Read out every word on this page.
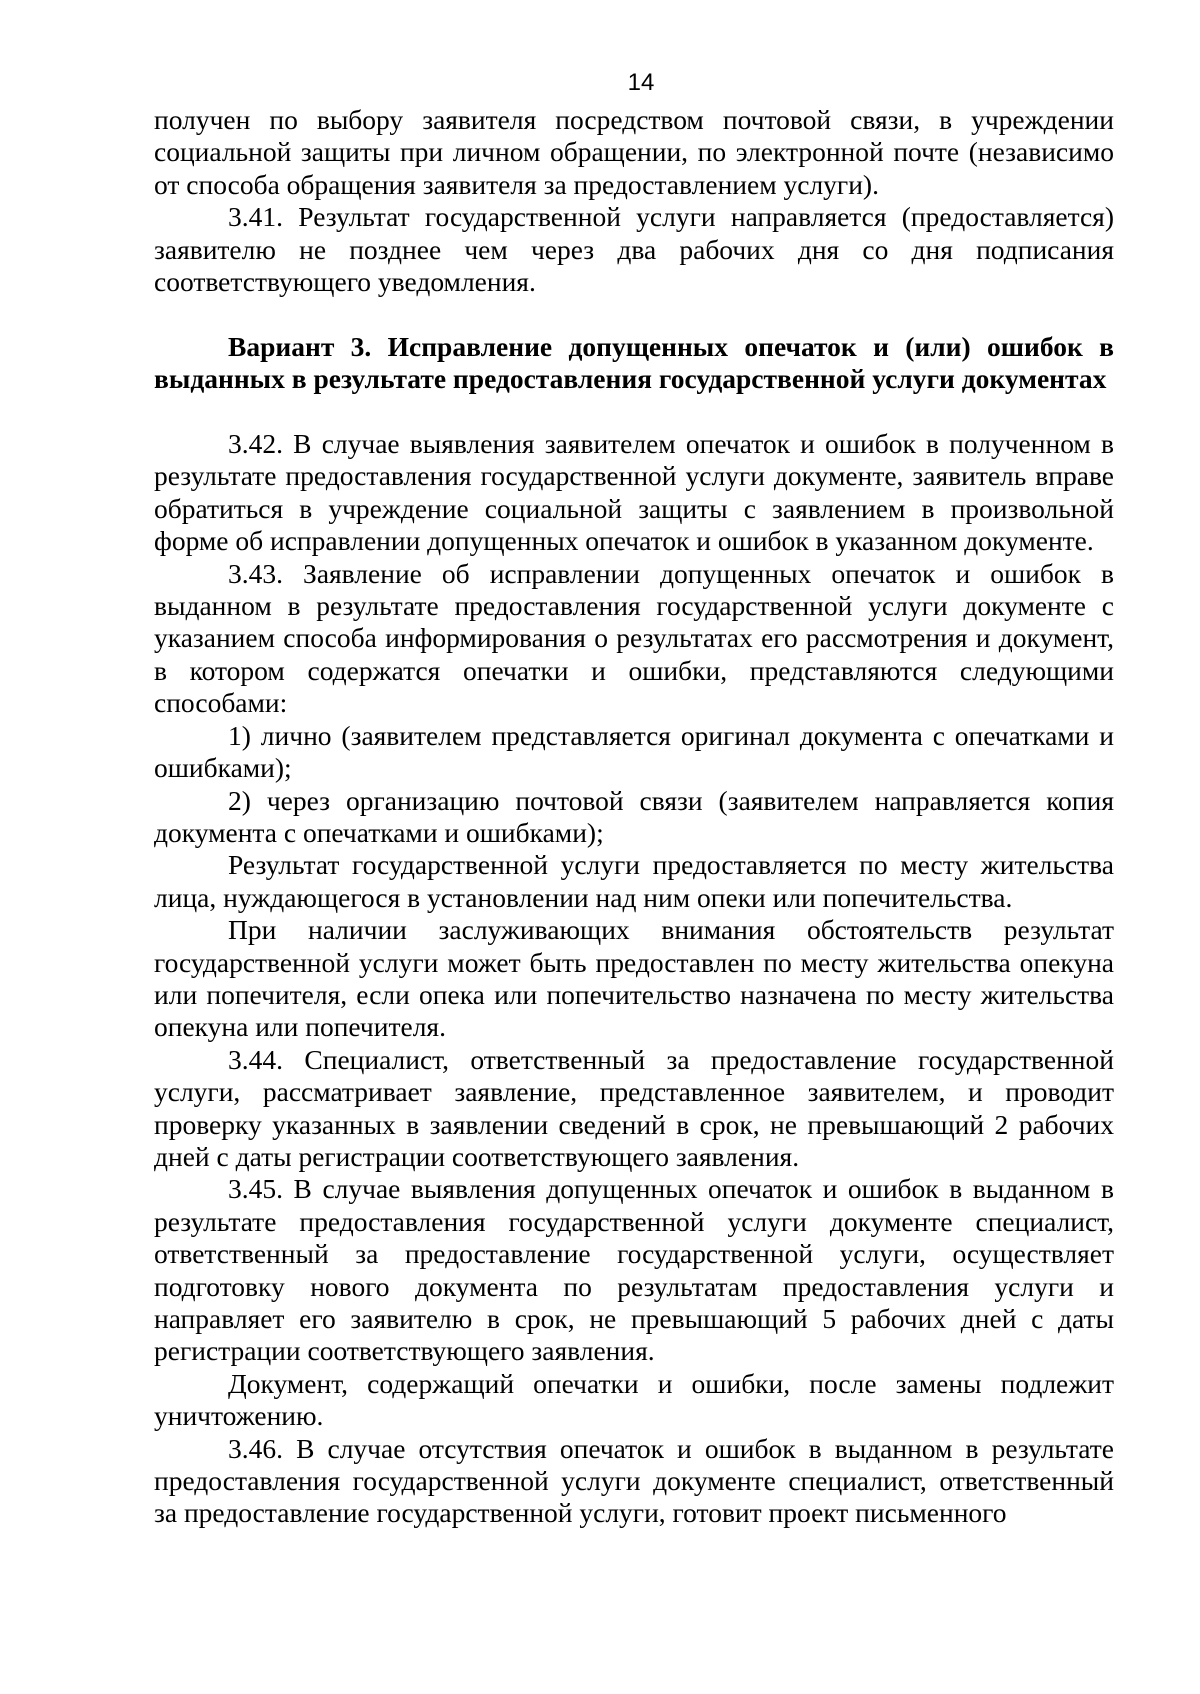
14

получен по выбору заявителя посредством почтовой связи, в учреждении социальной защиты при личном обращении, по электронной почте (независимо от способа обращения заявителя за предоставлением услуги).

3.41. Результат государственной услуги направляется (предоставляется) заявителю не позднее чем через два рабочих дня со дня подписания соответствующего уведомления.

Вариант 3. Исправление допущенных опечаток и (или) ошибок в выданных в результате предоставления государственной услуги документах

3.42. В случае выявления заявителем опечаток и ошибок в полученном в результате предоставления государственной услуги документе, заявитель вправе обратиться в учреждение социальной защиты с заявлением в произвольной форме об исправлении допущенных опечаток и ошибок в указанном документе.

3.43. Заявление об исправлении допущенных опечаток и ошибок в выданном в результате предоставления государственной услуги документе с указанием способа информирования о результатах его рассмотрения и документ, в котором содержатся опечатки и ошибки, представляются следующими способами:

1) лично (заявителем представляется оригинал документа с опечатками и ошибками);

2) через организацию почтовой связи (заявителем направляется копия документа с опечатками и ошибками);

Результат государственной услуги предоставляется по месту жительства лица, нуждающегося в установлении над ним опеки или попечительства.

При наличии заслуживающих внимания обстоятельств результат государственной услуги может быть предоставлен по месту жительства опекуна или попечителя, если опека или попечительство назначена по месту жительства опекуна или попечителя.

3.44. Специалист, ответственный за предоставление государственной услуги, рассматривает заявление, представленное заявителем, и проводит проверку указанных в заявлении сведений в срок, не превышающий 2 рабочих дней с даты регистрации соответствующего заявления.

3.45. В случае выявления допущенных опечаток и ошибок в выданном в результате предоставления государственной услуги документе специалист, ответственный за предоставление государственной услуги, осуществляет подготовку нового документа по результатам предоставления услуги и направляет его заявителю в срок, не превышающий 5 рабочих дней с даты регистрации соответствующего заявления.

Документ, содержащий опечатки и ошибки, после замены подлежит уничтожению.

3.46. В случае отсутствия опечаток и ошибок в выданном в результате предоставления государственной услуги документе специалист, ответственный за предоставление государственной услуги, готовит проект письменного
